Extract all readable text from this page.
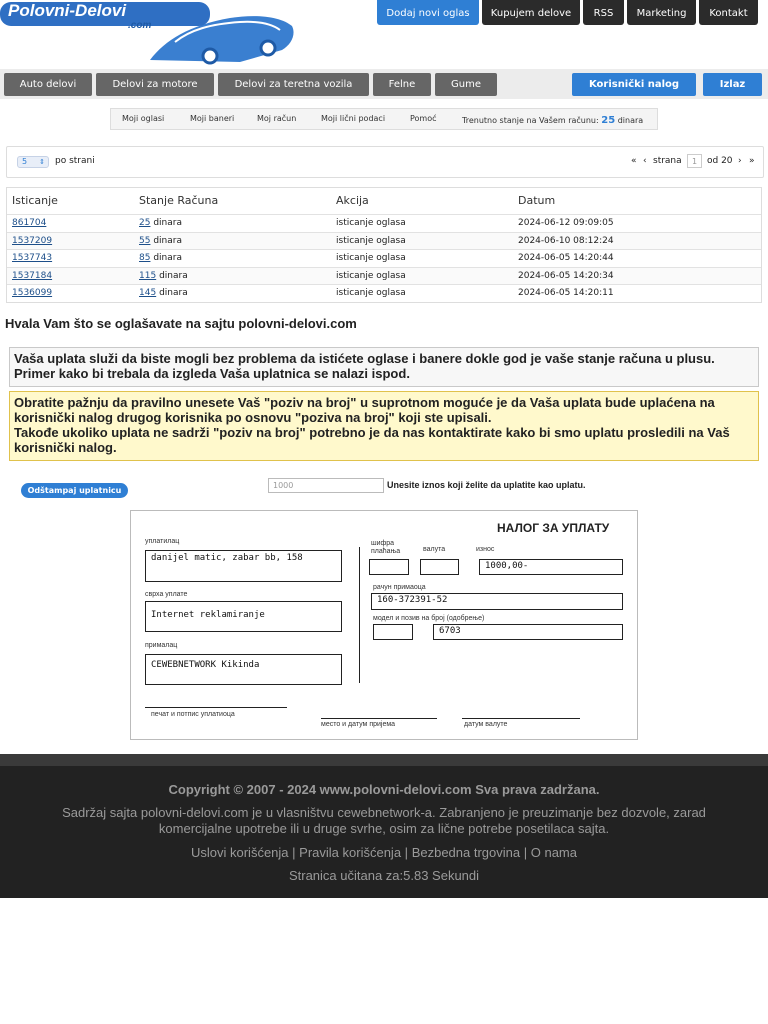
Polovni-Delovi
.com
Dodaj novi oglas	Kupujem delove	RSS	Marketing	Kontakt
Auto delovi	Delovi za motore	Delovi za teretna vozila	Felne	Gume	Korisnički nalog	Izlaz
Moji oglasi	Moji baneri	Moj račun	Moji lični podaci	Pomoć	Trenutno stanje na Vašem računu: 25 dinara
5 ⇕ po strani	« ‹ strana	1	od 20 › »
Isticanje	Stanje Računa	Akcija	Datum
861704	25 dinara	isticanje oglasa	2024-06-12 09:09:05
1537209	55 dinara	isticanje oglasa	2024-06-10 08:12:24
1537743	85 dinara	isticanje oglasa	2024-06-05 14:20:44
1537184	115 dinara	isticanje oglasa	2024-06-05 14:20:34
1536099	145 dinara	isticanje oglasa	2024-06-05 14:20:11
Hvala Vam što se oglašavate na sajtu polovni-delovi.com
Vaša uplata služi da biste mogli bez problema da istićete oglase i banere dokle god je vaše stanje računa u plusu. Primer kako bi trebala da izgleda Vaša uplatnica se nalazi ispod.
Obratite pažnju da pravilno unesete Vaš "poziv na broj" u suprotnom moguće je da Vaša uplata bude uplaćena na korisnički nalog drugog korisnika po osnovu "poziva na broj" koji ste upisali.
Takođe ukoliko uplata ne sadrži "poziv na broj" potrebno je da nas kontaktirate kako bi smo uplatu prosledili na Vaš korisnički nalog.
Odštampaj uplatnicu
1000	Unesite iznos koji želite da uplatite kao uplatu.
НАЛОГ ЗА УПЛАТУ
уплатилац
danijel matic, zabar bb, 158
сврха уплате
Internet reklamiranje
прималац
CEWEBNETWORK Kikinda
шифра плаћања	валута	износ
1000,00-
рачун примаоца
160-372391-52
модел и позив на број (одобрење)
6703
печат и потпис уплатиоца
место и датум пријема	датум валуте
Copyright © 2007 - 2024 www.polovni-delovi.com Sva prava zadržana.
Sadržaj sajta polovni-delovi.com je u vlasništvu cewebnetwork-a. Zabranjeno je preuzimanje bez dozvole, zarad komercijalne upotrebe ili u druge svrhe, osim za lične potrebe posetilaca sajta.
Uslovi korišćenja | Pravila korišćenja | Bezbedna trgovina | O nama
Stranica učitana za:5.83 Sekundi
